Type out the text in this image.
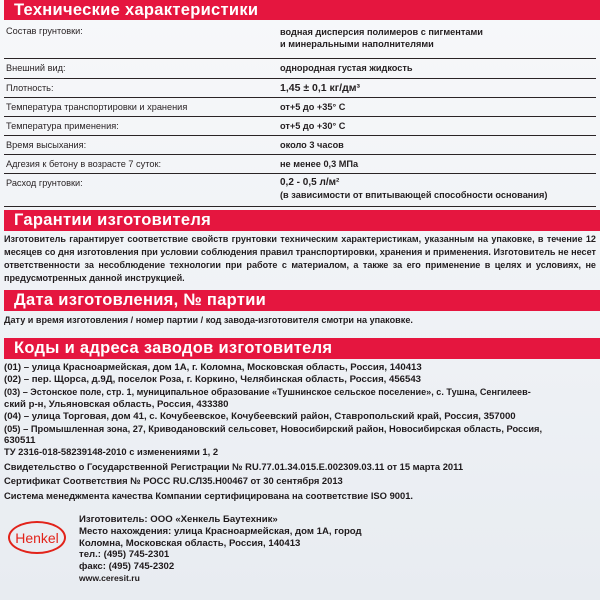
Технические характеристики
Состав грунтовки:	водная дисперсия полимеров с пигментами
и минеральными наполнителями
Внешний вид:	однородная густая жидкость
Плотность:	1,45 ± 0,1 кг/дм³
Температура транспортировки и хранения	от+5 до +35° С
Температура применения:	от+5 до +30° С
Время высыхания:	около 3 часов
Адгезия к бетону в возрасте 7 суток:	не менее 0,3 МПа
Расход грунтовки:	0,2 - 0,5 л/м²
(в зависимости от впитывающей способности основания)
Гарантии изготовителя
Изготовитель гарантирует соответствие свойств грунтовки техническим характеристикам, указанным на упаковке, в течение 12 месяцев со дня изготовления при условии соблюдения правил транспортировки, хранения и применения. Изготовитель не несет ответственности за несоблюдение технологии при работе с материалом, а также за его применение в целях и условиях, не предусмотренных данной инструкцией.
Дата изготовления, № партии
Дату и время изготовления / номер партии / код завода-изготовителя смотри на упаковке.
Коды и адреса заводов изготовителя
(01) – улица Красноармейская, дом 1А, г. Коломна, Московская область, Россия, 140413
(02) – пер. Щорса, д.9Д, поселок Роза, г. Коркино, Челябинская область, Россия, 456543
(03) – Эстонское поле, стр. 1, муниципальное образование «Тушнинское сельское поселение», с. Тушна, Сенгилеев-
ский р-н, Ульяновская область, Россия, 433380
(04) – улица Торговая, дом 41, с. Кочубеевское, Кочубеевский район, Ставропольский край, Россия, 357000
(05) – Промышленная зона, 27, Криводановский сельсовет, Новосибирский район, Новосибирская область, Россия,
630511
ТУ 2316-018-58239148-2010 с изменениями 1, 2
Свидетельство о Государственной Регистрации № RU.77.01.34.015.Е.002309.03.11 от 15 марта 2011
Сертификат Соответствия № РОСС RU.СЛ35.Н00467 от 30 сентября 2013
Система менеджмента качества Компании сертифицирована на соответствие ISO 9001.
Henkel
Изготовитель: ООО «Хенкель Баутехник»
Место нахождения: улица Красноармейская, дом 1А, город
Коломна, Московская область, Россия, 140413
тел.: (495) 745-2301
факс: (495) 745-2302
www.ceresit.ru
